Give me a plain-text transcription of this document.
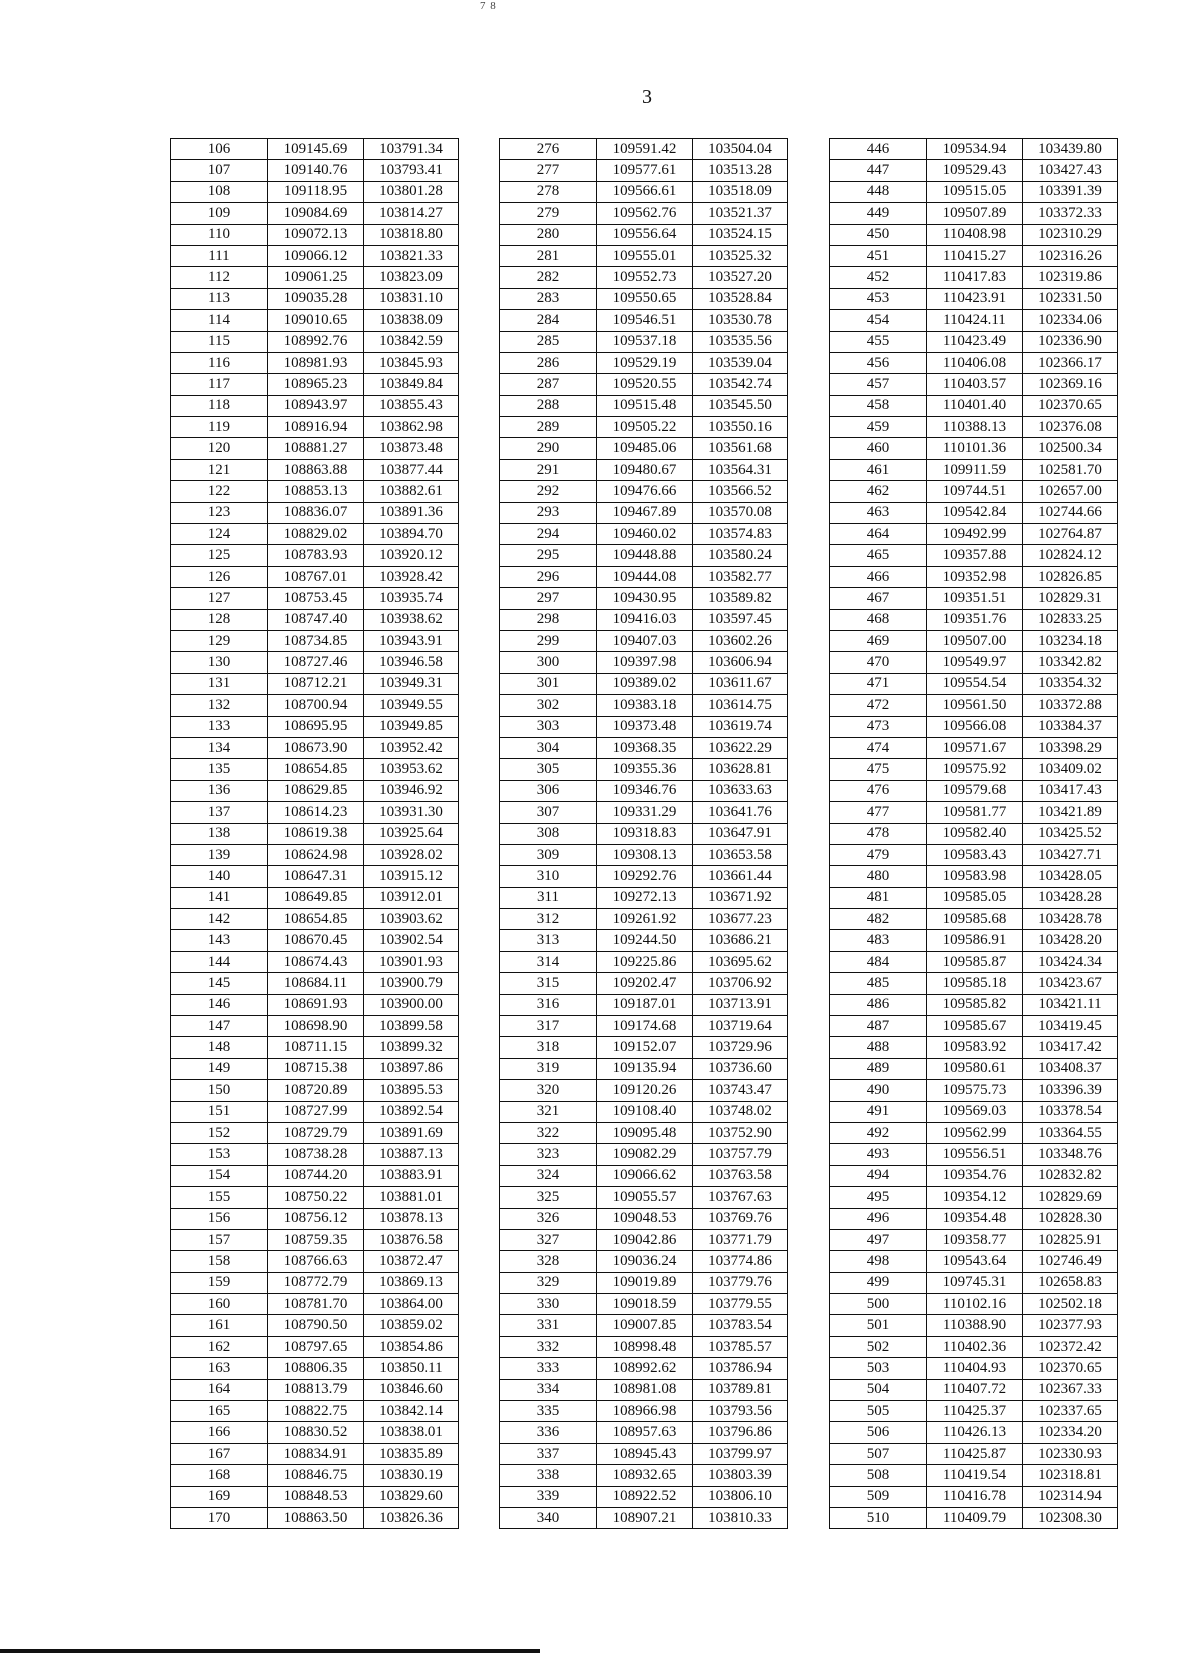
7 8
3
106	109145.69	103791.34
107	109140.76	103793.41
108	109118.95	103801.28
109	109084.69	103814.27
110	109072.13	103818.80
111	109066.12	103821.33
112	109061.25	103823.09
113	109035.28	103831.10
114	109010.65	103838.09
115	108992.76	103842.59
116	108981.93	103845.93
117	108965.23	103849.84
118	108943.97	103855.43
119	108916.94	103862.98
120	108881.27	103873.48
121	108863.88	103877.44
122	108853.13	103882.61
123	108836.07	103891.36
124	108829.02	103894.70
125	108783.93	103920.12
126	108767.01	103928.42
127	108753.45	103935.74
128	108747.40	103938.62
129	108734.85	103943.91
130	108727.46	103946.58
131	108712.21	103949.31
132	108700.94	103949.55
133	108695.95	103949.85
134	108673.90	103952.42
135	108654.85	103953.62
136	108629.85	103946.92
137	108614.23	103931.30
138	108619.38	103925.64
139	108624.98	103928.02
140	108647.31	103915.12
141	108649.85	103912.01
142	108654.85	103903.62
143	108670.45	103902.54
144	108674.43	103901.93
145	108684.11	103900.79
146	108691.93	103900.00
147	108698.90	103899.58
148	108711.15	103899.32
149	108715.38	103897.86
150	108720.89	103895.53
151	108727.99	103892.54
152	108729.79	103891.69
153	108738.28	103887.13
154	108744.20	103883.91
155	108750.22	103881.01
156	108756.12	103878.13
157	108759.35	103876.58
158	108766.63	103872.47
159	108772.79	103869.13
160	108781.70	103864.00
161	108790.50	103859.02
162	108797.65	103854.86
163	108806.35	103850.11
164	108813.79	103846.60
165	108822.75	103842.14
166	108830.52	103838.01
167	108834.91	103835.89
168	108846.75	103830.19
169	108848.53	103829.60
170	108863.50	103826.36
276	109591.42	103504.04
277	109577.61	103513.28
278	109566.61	103518.09
279	109562.76	103521.37
280	109556.64	103524.15
281	109555.01	103525.32
282	109552.73	103527.20
283	109550.65	103528.84
284	109546.51	103530.78
285	109537.18	103535.56
286	109529.19	103539.04
287	109520.55	103542.74
288	109515.48	103545.50
289	109505.22	103550.16
290	109485.06	103561.68
291	109480.67	103564.31
292	109476.66	103566.52
293	109467.89	103570.08
294	109460.02	103574.83
295	109448.88	103580.24
296	109444.08	103582.77
297	109430.95	103589.82
298	109416.03	103597.45
299	109407.03	103602.26
300	109397.98	103606.94
301	109389.02	103611.67
302	109383.18	103614.75
303	109373.48	103619.74
304	109368.35	103622.29
305	109355.36	103628.81
306	109346.76	103633.63
307	109331.29	103641.76
308	109318.83	103647.91
309	109308.13	103653.58
310	109292.76	103661.44
311	109272.13	103671.92
312	109261.92	103677.23
313	109244.50	103686.21
314	109225.86	103695.62
315	109202.47	103706.92
316	109187.01	103713.91
317	109174.68	103719.64
318	109152.07	103729.96
319	109135.94	103736.60
320	109120.26	103743.47
321	109108.40	103748.02
322	109095.48	103752.90
323	109082.29	103757.79
324	109066.62	103763.58
325	109055.57	103767.63
326	109048.53	103769.76
327	109042.86	103771.79
328	109036.24	103774.86
329	109019.89	103779.76
330	109018.59	103779.55
331	109007.85	103783.54
332	108998.48	103785.57
333	108992.62	103786.94
334	108981.08	103789.81
335	108966.98	103793.56
336	108957.63	103796.86
337	108945.43	103799.97
338	108932.65	103803.39
339	108922.52	103806.10
340	108907.21	103810.33
446	109534.94	103439.80
447	109529.43	103427.43
448	109515.05	103391.39
449	109507.89	103372.33
450	110408.98	102310.29
451	110415.27	102316.26
452	110417.83	102319.86
453	110423.91	102331.50
454	110424.11	102334.06
455	110423.49	102336.90
456	110406.08	102366.17
457	110403.57	102369.16
458	110401.40	102370.65
459	110388.13	102376.08
460	110101.36	102500.34
461	109911.59	102581.70
462	109744.51	102657.00
463	109542.84	102744.66
464	109492.99	102764.87
465	109357.88	102824.12
466	109352.98	102826.85
467	109351.51	102829.31
468	109351.76	102833.25
469	109507.00	103234.18
470	109549.97	103342.82
471	109554.54	103354.32
472	109561.50	103372.88
473	109566.08	103384.37
474	109571.67	103398.29
475	109575.92	103409.02
476	109579.68	103417.43
477	109581.77	103421.89
478	109582.40	103425.52
479	109583.43	103427.71
480	109583.98	103428.05
481	109585.05	103428.28
482	109585.68	103428.78
483	109586.91	103428.20
484	109585.87	103424.34
485	109585.18	103423.67
486	109585.82	103421.11
487	109585.67	103419.45
488	109583.92	103417.42
489	109580.61	103408.37
490	109575.73	103396.39
491	109569.03	103378.54
492	109562.99	103364.55
493	109556.51	103348.76
494	109354.76	102832.82
495	109354.12	102829.69
496	109354.48	102828.30
497	109358.77	102825.91
498	109543.64	102746.49
499	109745.31	102658.83
500	110102.16	102502.18
501	110388.90	102377.93
502	110402.36	102372.42
503	110404.93	102370.65
504	110407.72	102367.33
505	110425.37	102337.65
506	110426.13	102334.20
507	110425.87	102330.93
508	110419.54	102318.81
509	110416.78	102314.94
510	110409.79	102308.30
